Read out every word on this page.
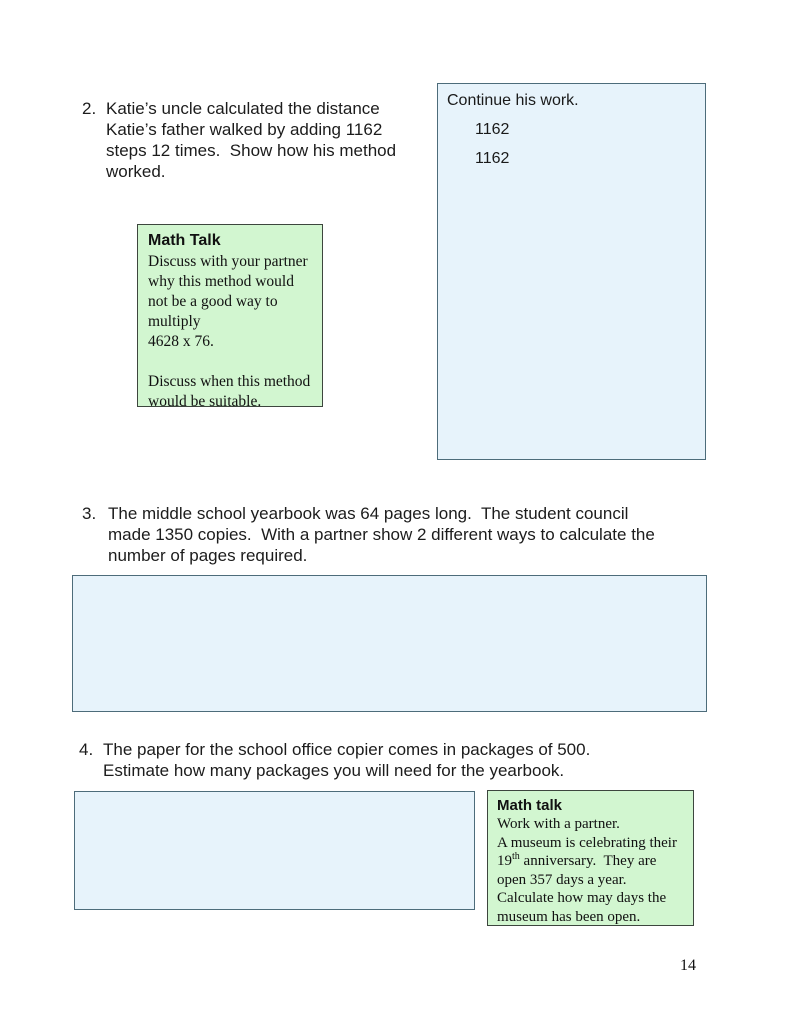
2. Katie’s uncle calculated the distance
Katie’s father walked by adding 1162
steps 12 times.  Show how his method
worked.
Continue his work.
1162
1162
Math Talk
Discuss with your partner
why this method would
not be a good way to
multiply
4628 x 76.
Discuss when this method
would be suitable.
3. The middle school yearbook was 64 pages long.  The student council
made 1350 copies.  With a partner show 2 different ways to calculate the
number of pages required.
4. The paper for the school office copier comes in packages of 500.
Estimate how many packages you will need for the yearbook.
Math talk
Work with a partner.
A museum is celebrating their
19th anniversary.  They are
open 357 days a year.
Calculate how may days the
museum has been open.
14
